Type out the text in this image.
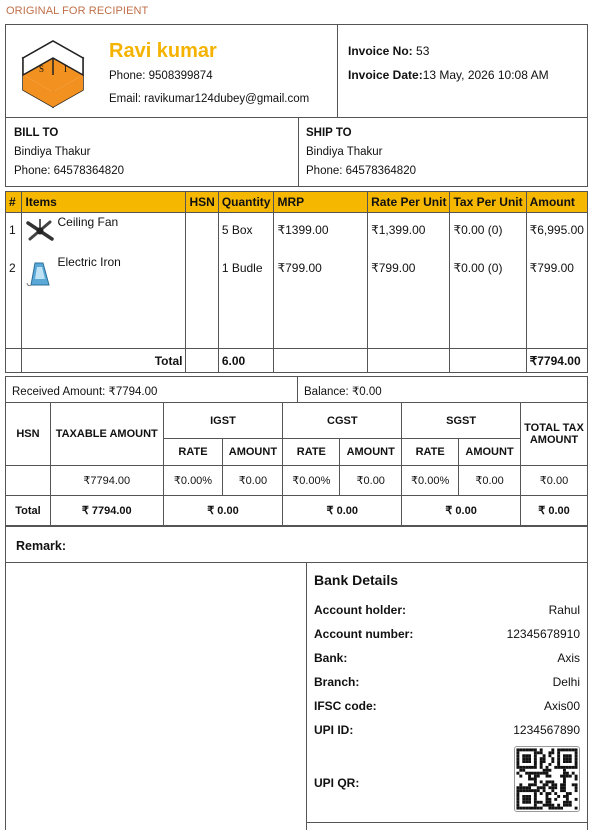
ORIGINAL FOR RECIPIENT
S I
Ravi kumar
Phone: 9508399874
Email: ravikumar124dubey@gmail.com
Invoice No: 53
Invoice Date:13 May, 2026 10:08 AM
BILL TO
Bindiya Thakur
Phone: 64578364820
SHIP TO
Bindiya Thakur
Phone: 64578364820
#	Items	HSN	Quantity	MRP	Rate Per Unit	Tax Per Unit	Amount
1	Ceiling Fan		5 Box	₹1399.00	₹1,399.00	₹0.00 (0)	₹6,995.00
2	Electric Iron		1 Budle	₹799.00	₹799.00	₹0.00 (0)	₹799.00
	Total		6.00				₹7794.00
Received Amount: ₹7794.00	Balance: ₹0.00
HSN	TAXABLE AMOUNT	IGST		CGST		SGST		TOTAL TAX AMOUNT
		RATE	AMOUNT	RATE	AMOUNT	RATE	AMOUNT	
	₹7794.00	₹0.00%	₹0.00	₹0.00%	₹0.00	₹0.00%	₹0.00	₹0.00
Total	₹ 7794.00	₹ 0.00		₹ 0.00		₹ 0.00		₹ 0.00
Remark:
Bank Details
Account holder:	Rahul
Account number:	12345678910
Bank:	Axis
Branch:	Delhi
IFSC code:	Axis00
UPI ID:	1234567890
UPI QR:
